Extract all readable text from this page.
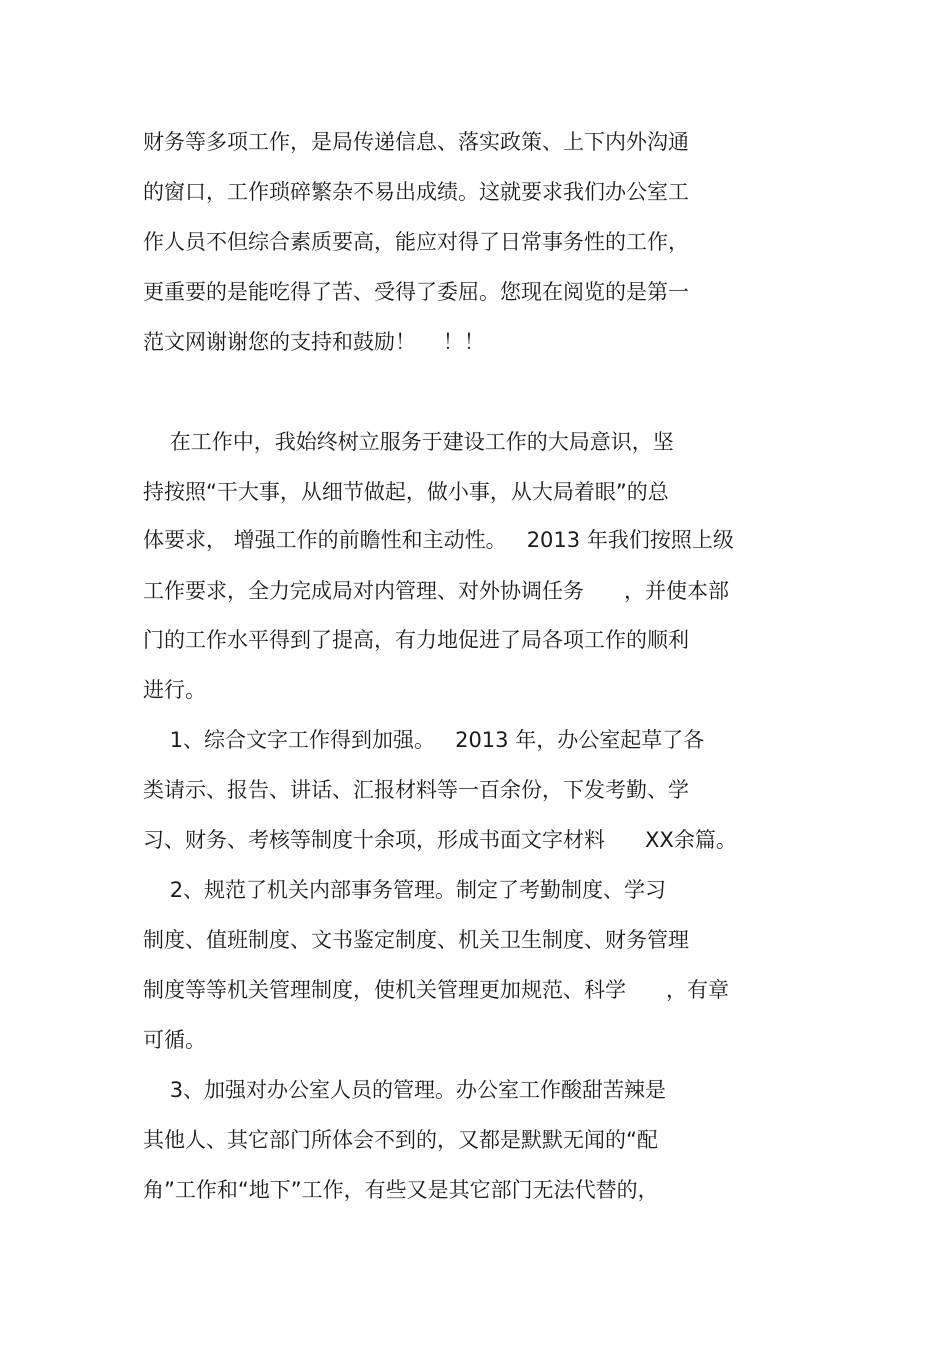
财务等多项工作，是局传递信息、落实政策、上下内外沟通

的窗口，工作琐碎繁杂不易出成绩。这就要求我们办公室工

作人员不但综合素质要高，能应对得了日常事务性的工作，

更重要的是能吃得了苦、受得了委屈。您现在阅览的是第一

范文网谢谢您的支持和鼓励！    ！！

在工作中，我始终树立服务于建设工作的大局意识，坚

持按照“干大事，从细节做起，做小事，从大局着眼”的总

体要求， 增强工作的前瞻性和主动性。   2013 年我们按照上级

工作要求，全力完成局对内管理、对外协调任务      ，并使本部

门的工作水平得到了提高，有力地促进了局各项工作的顺利

进行。

1、综合文字工作得到加强。   2013 年，办公室起草了各

类请示、报告、讲话、汇报材料等一百余份，下发考勤、学

习、财务、考核等制度十余项，形成书面文字材料      XX余篇。

2、规范了机关内部事务管理。制定了考勤制度、学习

制度、值班制度、文书鉴定制度、机关卫生制度、财务管理

制度等等机关管理制度，使机关管理更加规范、科学      ，有章

可循。

3、加强对办公室人员的管理。办公室工作酸甜苦辣是

其他人、其它部门所体会不到的，又都是默默无闻的“配

角”工作和“地下”工作，有些又是其它部门无法代替的，
